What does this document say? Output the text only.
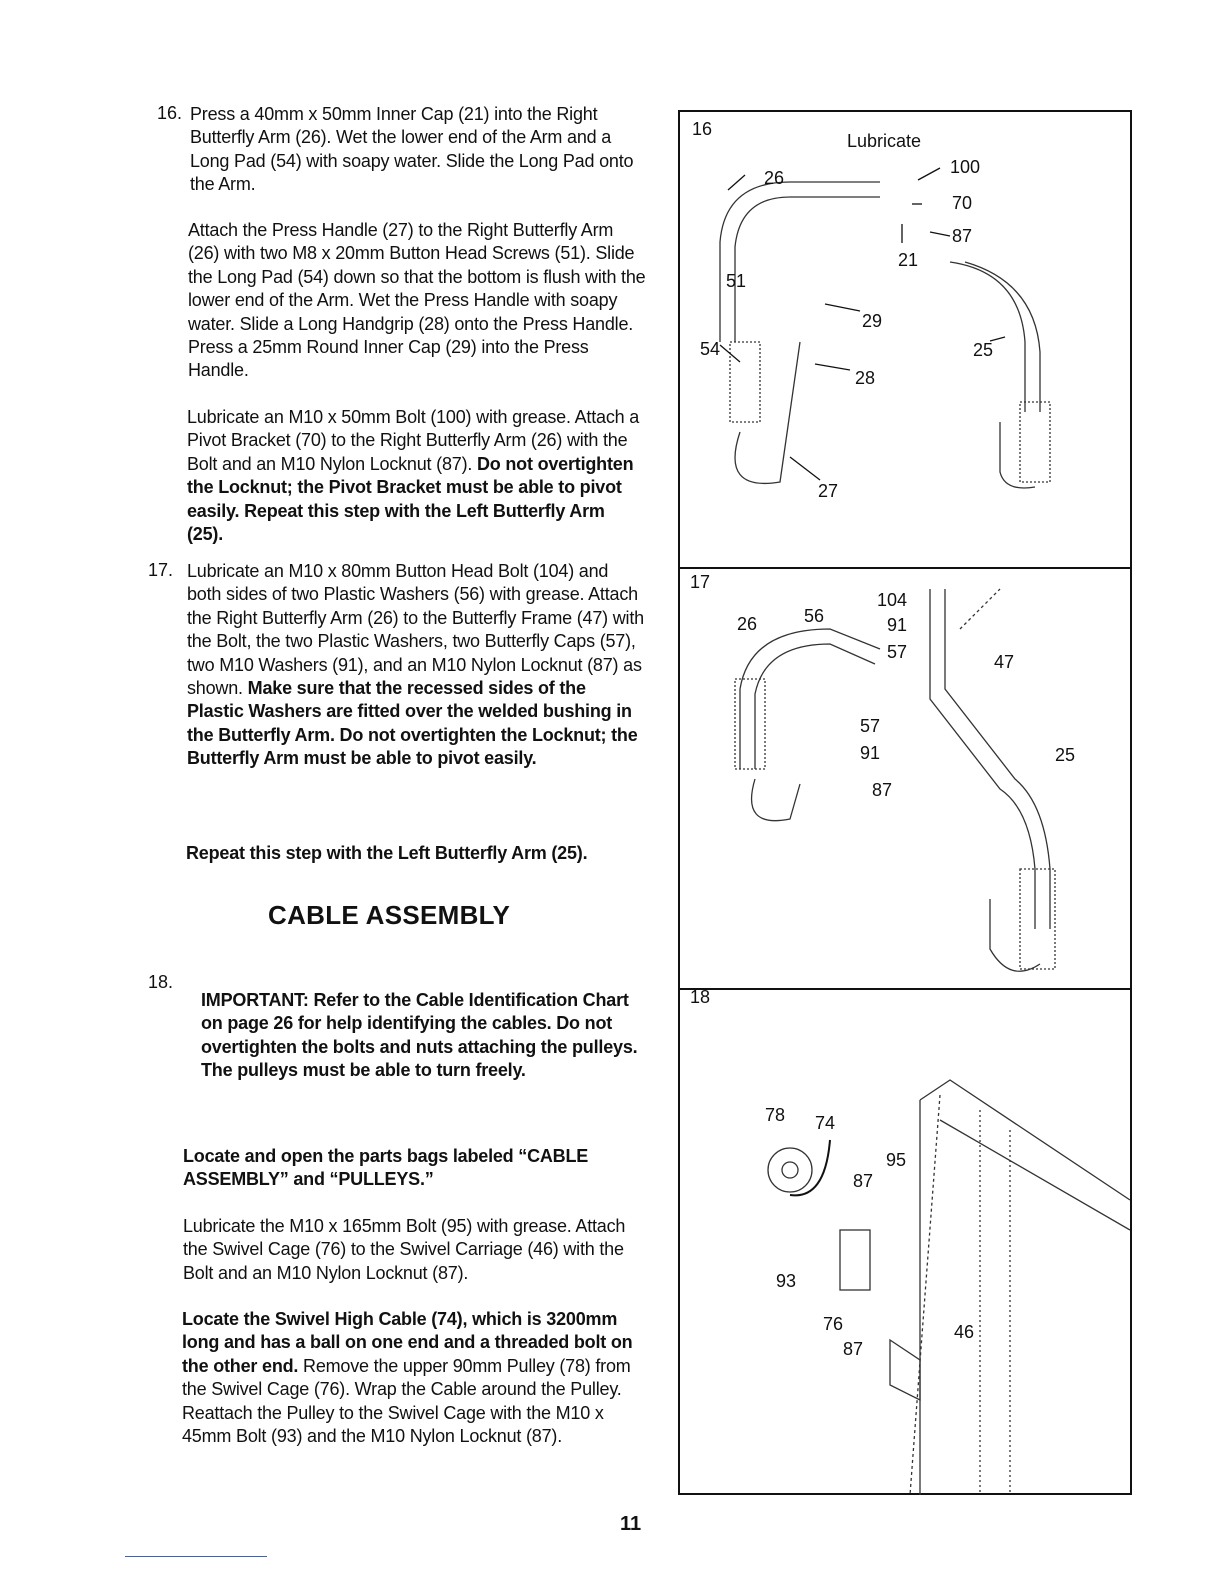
16. Press a 40mm x 50mm Inner Cap (21) into the Right Butterfly Arm (26). Wet the lower end of the Arm and a Long Pad (54) with soapy water. Slide the Long Pad onto the Arm.
Attach the Press Handle (27) to the Right Butterfly Arm (26) with two M8 x 20mm Button Head Screws (51). Slide the Long Pad (54) down so that the bottom is flush with the lower end of the Arm. Wet the Press Handle with soapy water. Slide a Long Handgrip (28) onto the Press Handle. Press a 25mm Round Inner Cap (29) into the Press Handle.
Lubricate an M10 x 50mm Bolt (100) with grease. Attach a Pivot Bracket (70) to the Right Butterfly Arm (26) with the Bolt and an M10 Nylon Locknut (87). Do not overtighten the Locknut; the Pivot Bracket must be able to pivot easily. Repeat this step with the Left Butterfly Arm (25).
17. Lubricate an M10 x 80mm Button Head Bolt (104) and both sides of two Plastic Washers (56) with grease. Attach the Right Butterfly Arm (26) to the Butterfly Frame (47) with the Bolt, the two Plastic Washers, two Butterfly Caps (57), two M10 Washers (91), and an M10 Nylon Locknut (87) as shown. Make sure that the recessed sides of the Plastic Washers are fitted over the welded bushing in the Butterfly Arm. Do not overtighten the Locknut; the Butterfly Arm must be able to pivot easily.
Repeat this step with the Left Butterfly Arm (25).
CABLE ASSEMBLY
18.
IMPORTANT: Refer to the Cable Identification Chart on page 26 for help identifying the cables. Do not overtighten the bolts and nuts attaching the pulleys. The pulleys must be able to turn freely.
Locate and open the parts bags labeled “CABLE ASSEMBLY” and “PULLEYS.”
Lubricate the M10 x 165mm Bolt (95) with grease. Attach the Swivel Cage (76) to the Swivel Carriage (46) with the Bolt and an M10 Nylon Locknut (87).
Locate the Swivel High Cable (74), which is 3200mm long and has a ball on one end and a threaded bolt on the other end. Remove the upper 90mm Pulley (78) from the Swivel Cage (76). Wrap the Cable around the Pulley. Reattach the Pulley to the Swivel Cage with the M10 x 45mm Bolt (93) and the M10 Nylon Locknut (87).
16
Lubricate
100
70
87
26
21
51
29
54	25
28
27
17
104
26	56	91
57	47
57
91	25
87
18
78 74
95
87
93
76	46
87
11
